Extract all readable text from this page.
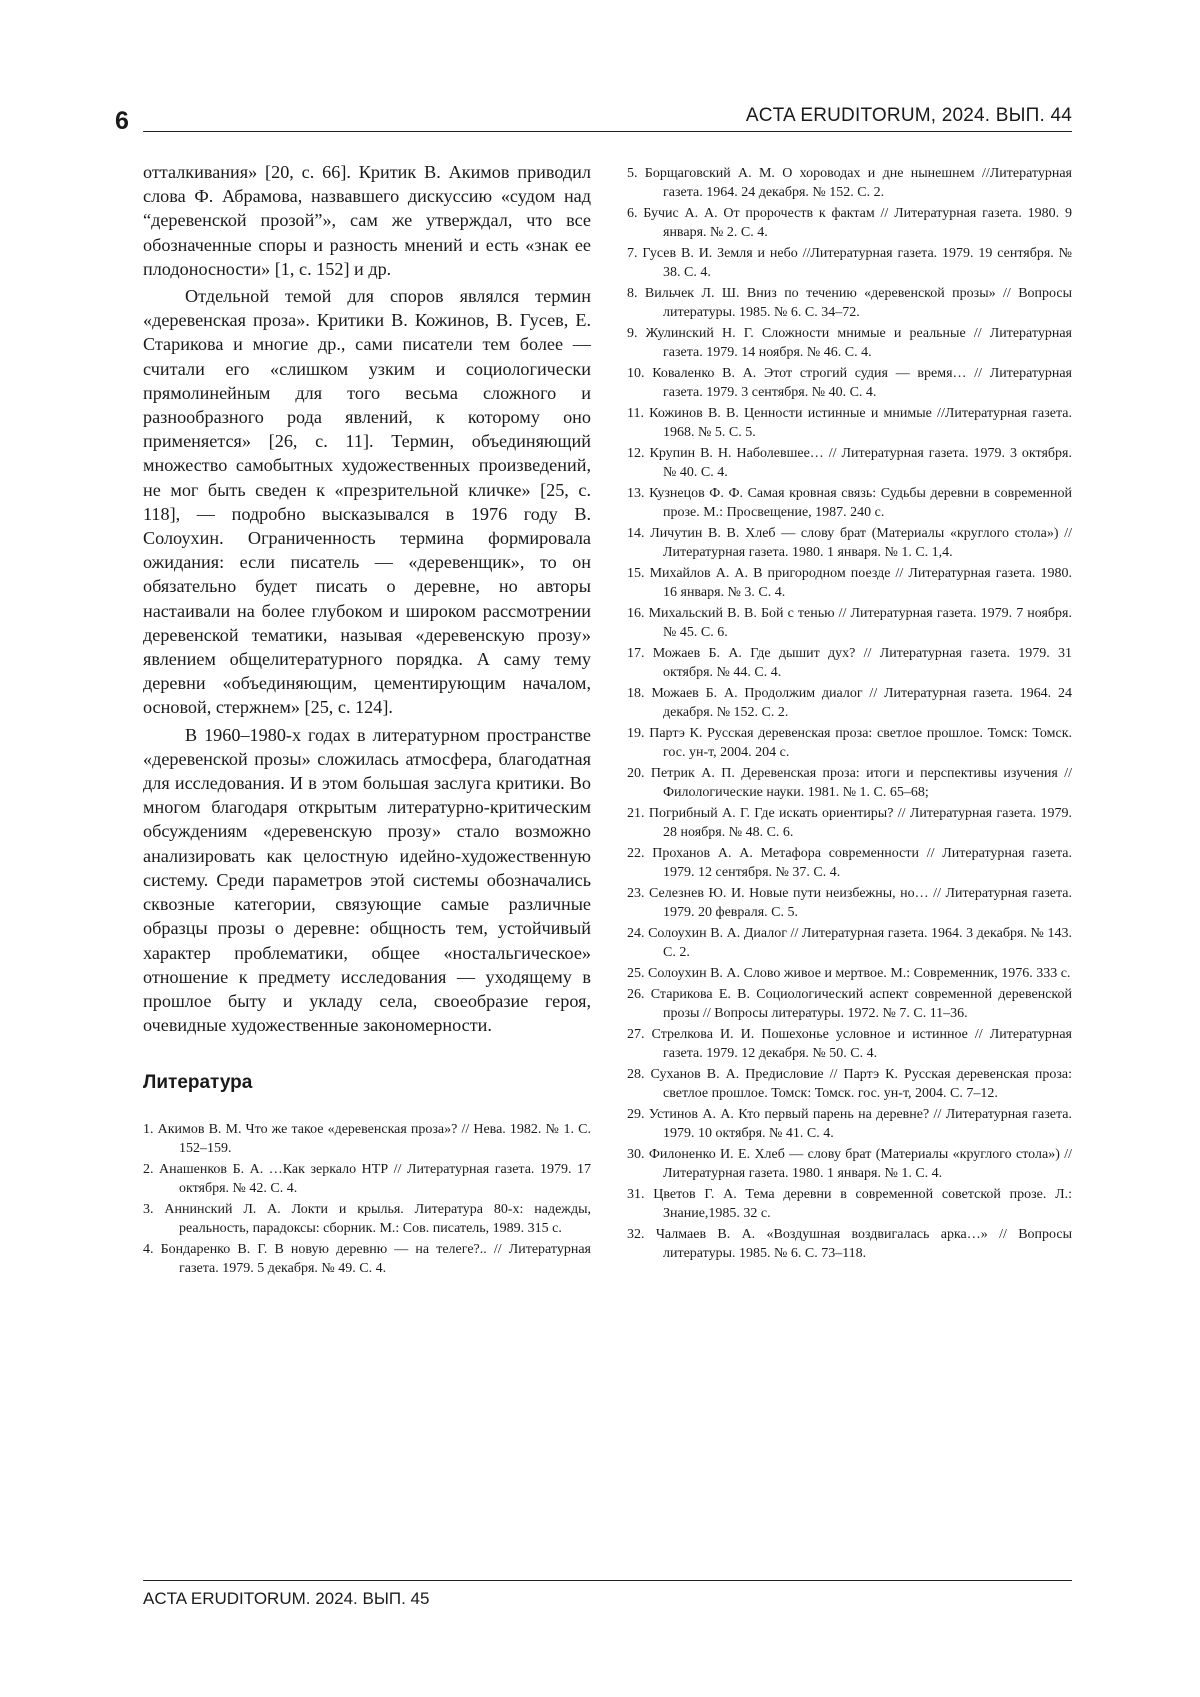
6	ACTA ERUDITORUM, 2024. ВЫП. 44

отталкивания» [20, с. 66]. Критик В. Акимов приводил слова Ф. Абрамова, назвавшего дискуссию «судом над “деревенской прозой”», сам же утверждал, что все обозначенные споры и разность мнений и есть «знак ее плодоносности» [1, с. 152] и др.

Отдельной темой для споров являлся термин «деревенская проза». Критики В. Кожинов, В. Гусев, Е. Старикова и многие др., сами писатели тем более — считали его «слишком узким и социологически прямолинейным для того весьма сложного и разнообразного рода явлений, к которому оно применяется» [26, с. 11]. Термин, объединяющий множество самобытных художественных произведений, не мог быть сведен к «презрительной кличке» [25, с. 118], — подробно высказывался в 1976 году В. Солоухин. Ограниченность термина формировала ожидания: если писатель — «деревенщик», то он обязательно будет писать о деревне, но авторы настаивали на более глубоком и широком рассмотрении деревенской тематики, называя «деревенскую прозу» явлением общелитературного порядка. А саму тему деревни «объединяющим, цементирующим началом, основой, стержнем» [25, с. 124].

В 1960–1980-х годах в литературном пространстве «деревенской прозы» сложилась атмосфера, благодатная для исследования. И в этом большая заслуга критики. Во многом благодаря открытым литературно-критическим обсуждениям «деревенскую прозу» стало возможно анализировать как целостную идейно-художественную систему. Среди параметров этой системы обозначались сквозные категории, связующие самые различные образцы прозы о деревне: общность тем, устойчивый характер проблематики, общее «ностальгическое» отношение к предмету исследования — уходящему в прошлое быту и укладу села, своеобразие героя, очевидные художественные закономерности.

Литература
1. Акимов В. М. Что же такое «деревенская проза»? // Нева. 1982. № 1. С. 152–159.
2. Анашенков Б. А. …Как зеркало НТР // Литературная газета. 1979. 17 октября. № 42. С. 4.
3. Аннинский Л. А. Локти и крылья. Литература 80-х: надежды, реальность, парадоксы: сборник. М.: Сов. писатель, 1989. 315 с.
4. Бондаренко В. Г. В новую деревню — на телеге?.. // Литературная газета. 1979. 5 декабря. № 49. С. 4.
5. Борщаговский А. М. О хороводах и дне нынешнем //Литературная газета. 1964. 24 декабря. № 152. С. 2.
6. Бучис А. А. От пророчеств к фактам // Литературная газета. 1980. 9 января. № 2. С. 4.
7. Гусев В. И. Земля и небо //Литературная газета. 1979. 19 сентября. № 38. С. 4.
8. Вильчек Л. Ш. Вниз по течению «деревенской прозы» // Вопросы литературы. 1985. № 6. С. 34–72.
9. Жулинский Н. Г. Сложности мнимые и реальные // Литературная газета. 1979. 14 ноября. № 46. С. 4.
10. Коваленко В. А. Этот строгий судия — время… // Литературная газета. 1979. 3 сентября. № 40. С. 4.
11. Кожинов В. В. Ценности истинные и мнимые //Литературная газета. 1968. № 5. С. 5.
12. Крупин В. Н. Наболевшее… // Литературная газета. 1979. 3 октября. № 40. С. 4.
13. Кузнецов Ф. Ф. Самая кровная связь: Судьбы деревни в современной прозе. М.: Просвещение, 1987. 240 с.
14. Личутин В. В. Хлеб — слову брат (Материалы «круглого стола») // Литературная газета. 1980. 1 января. № 1. С. 1,4.
15. Михайлов А. А. В пригородном поезде // Литературная газета. 1980. 16 января. № 3. С. 4.
16. Михальский В. В. Бой с тенью // Литературная газета. 1979. 7 ноября. № 45. С. 6.
17. Можаев Б. А. Где дышит дух? // Литературная газета. 1979. 31 октября. № 44. С. 4.
18. Можаев Б. А. Продолжим диалог // Литературная газета. 1964. 24 декабря. № 152. С. 2.
19. Партэ К. Русская деревенская проза: светлое прошлое. Томск: Томск. гос. ун-т, 2004. 204 с.
20. Петрик А. П. Деревенская проза: итоги и перспективы изучения // Филологические науки. 1981. № 1. С. 65–68;
21. Погрибный А. Г. Где искать ориентиры? // Литературная газета. 1979. 28 ноября. № 48. С. 6.
22. Проханов А. А. Метафора современности // Литературная газета. 1979. 12 сентября. № 37. С. 4.
23. Селезнев Ю. И. Новые пути неизбежны, но… // Литературная газета. 1979. 20 февраля. С. 5.
24. Солоухин В. А. Диалог // Литературная газета. 1964. 3 декабря. № 143. С. 2.
25. Солоухин В. А. Слово живое и мертвое. М.: Современник, 1976. 333 с.
26. Старикова Е. В. Социологический аспект современной деревенской прозы // Вопросы литературы. 1972. № 7. С. 11–36.
27. Стрелкова И. И. Пошехонье условное и истинное // Литературная газета. 1979. 12 декабря. № 50. С. 4.
28. Суханов В. А. Предисловие // Партэ К. Русская деревенская проза: светлое прошлое. Томск: Томск. гос. ун-т, 2004. С. 7–12.
29. Устинов А. А. Кто первый парень на деревне? // Литературная газета. 1979. 10 октября. № 41. С. 4.
30. Филоненко И. Е. Хлеб — слову брат (Материалы «круглого стола») // Литературная газета. 1980. 1 января. № 1. С. 4.
31. Цветов Г. А. Тема деревни в современной советской прозе. Л.: Знание,1985. 32 с.
32. Чалмаев В. А. «Воздушная воздвигалась арка…» // Вопросы литературы. 1985. № 6. С. 73–118.
ACTA ERUDITORUM. 2024. ВЫП. 45
